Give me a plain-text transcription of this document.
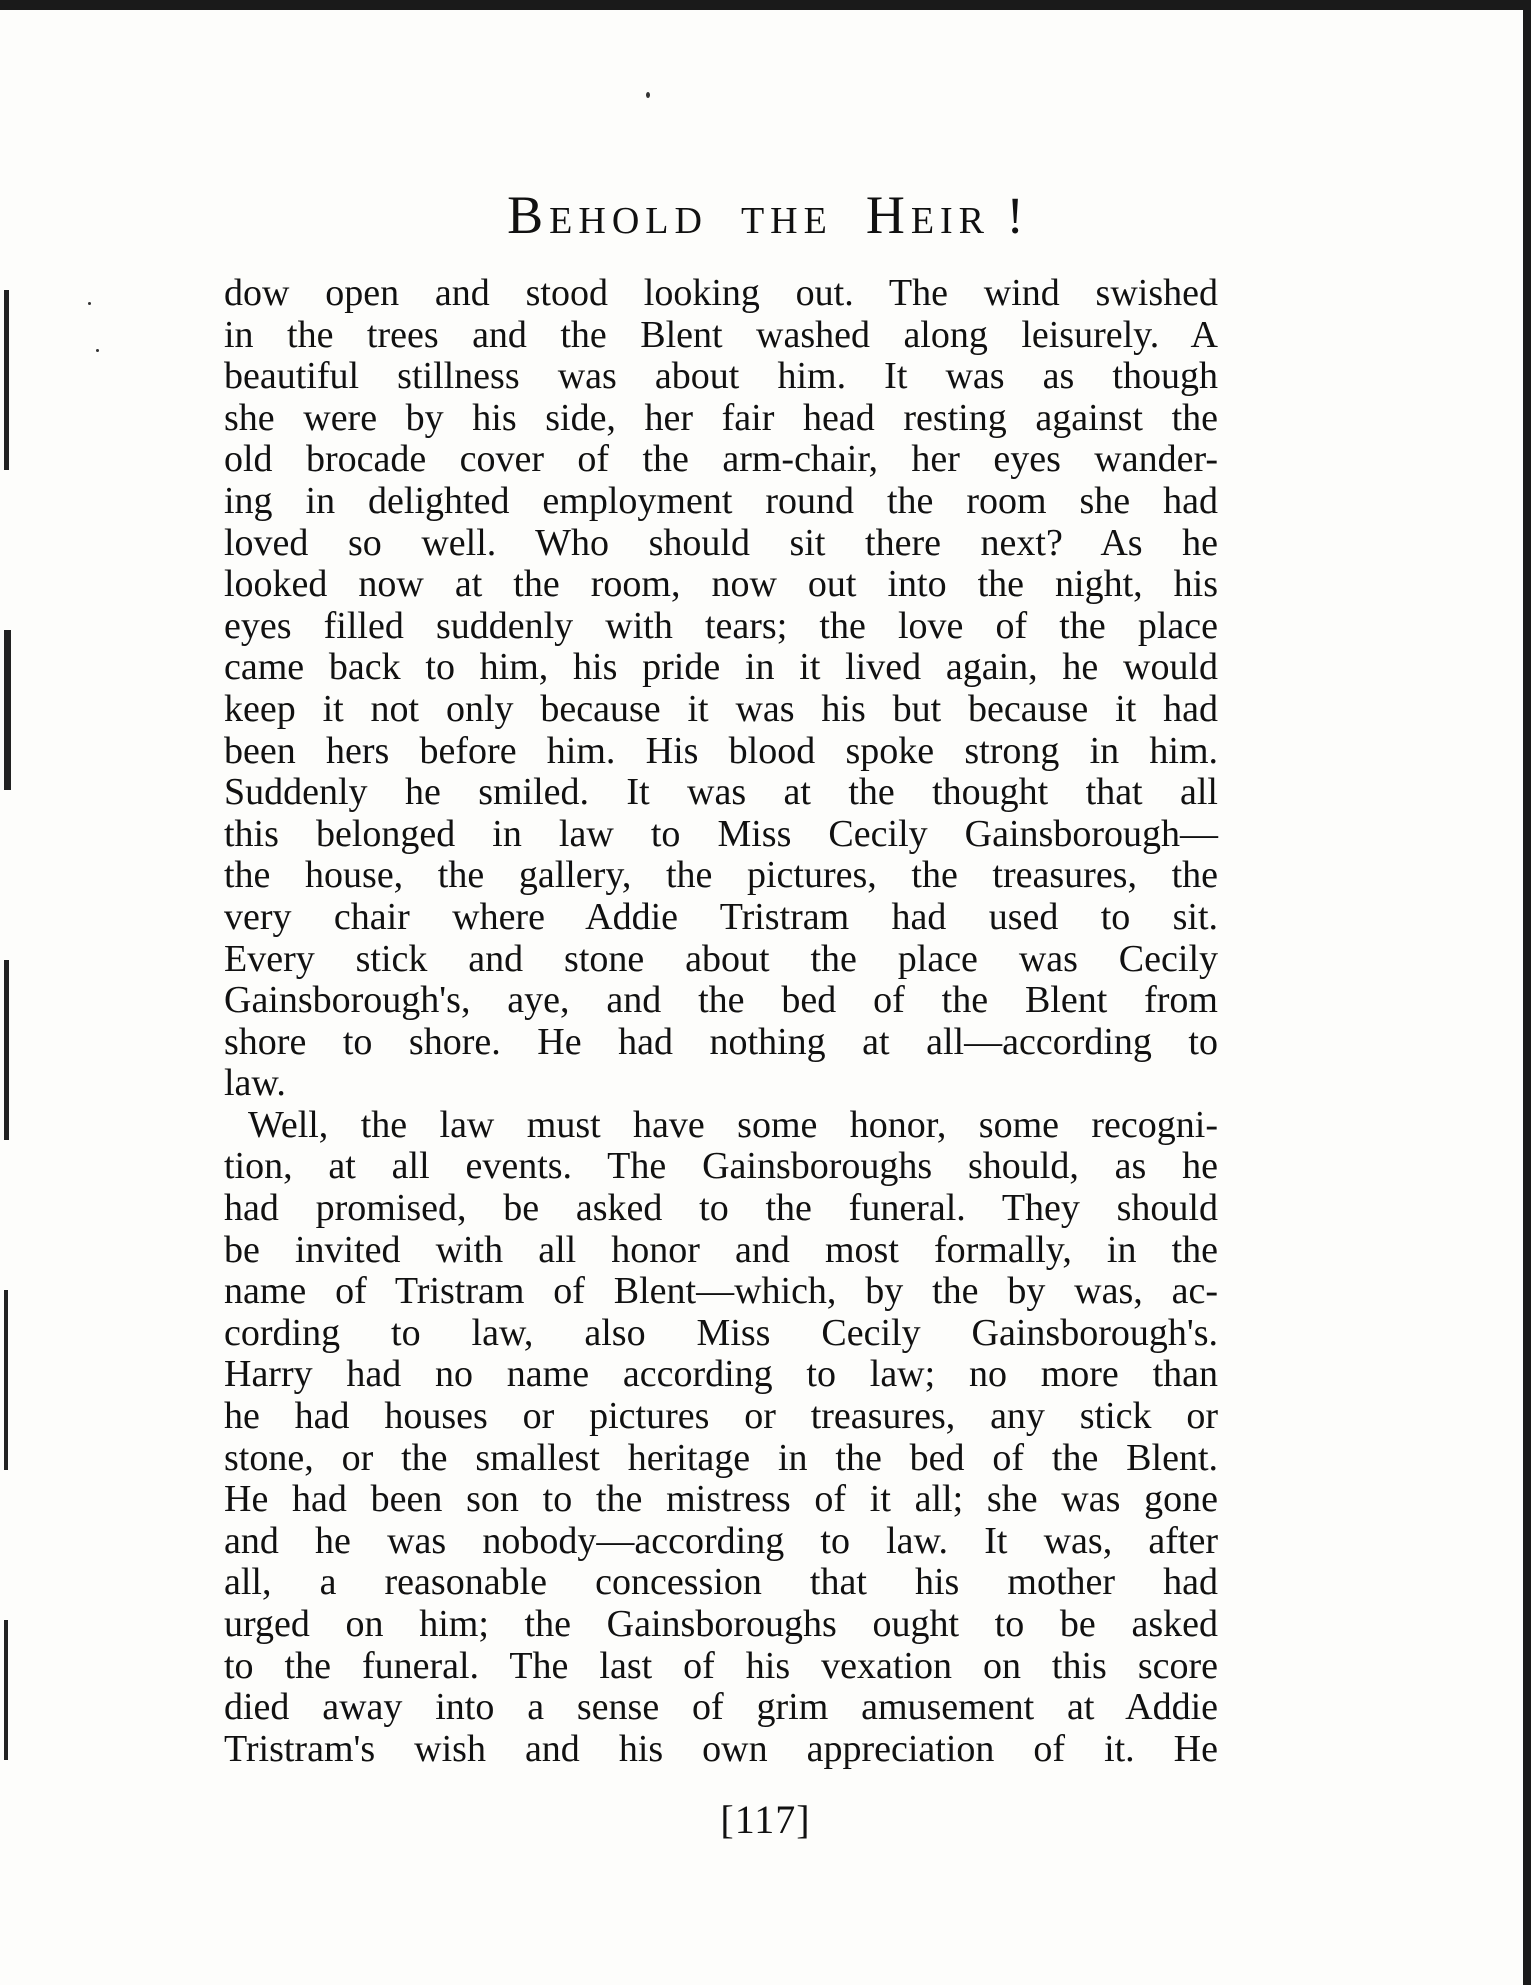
BEHOLD THE HEIR !
dow open and stood looking out. The wind swished
in the trees and the Blent washed along leisurely. A
beautiful stillness was about him. It was as though
she were by his side, her fair head resting against the
old brocade cover of the arm-chair, her eyes wander-
ing in delighted employment round the room she had
loved so well. Who should sit there next? As he
looked now at the room, now out into the night, his
eyes filled suddenly with tears; the love of the place
came back to him, his pride in it lived again, he would
keep it not only because it was his but because it had
been hers before him. His blood spoke strong in him.
Suddenly he smiled. It was at the thought that all
this belonged in law to Miss Cecily Gainsborough—
the house, the gallery, the pictures, the treasures, the
very chair where Addie Tristram had used to sit.
Every stick and stone about the place was Cecily
Gainsborough's, aye, and the bed of the Blent from
shore to shore. He had nothing at all—according to
law.
Well, the law must have some honor, some recogni-
tion, at all events. The Gainsboroughs should, as he
had promised, be asked to the funeral. They should
be invited with all honor and most formally, in the
name of Tristram of Blent—which, by the by was, ac-
cording to law, also Miss Cecily Gainsborough's.
Harry had no name according to law; no more than
he had houses or pictures or treasures, any stick or
stone, or the smallest heritage in the bed of the Blent.
He had been son to the mistress of it all; she was gone
and he was nobody—according to law. It was, after
all, a reasonable concession that his mother had
urged on him; the Gainsboroughs ought to be asked
to the funeral. The last of his vexation on this score
died away into a sense of grim amusement at Addie
Tristram's wish and his own appreciation of it. He
[117]
